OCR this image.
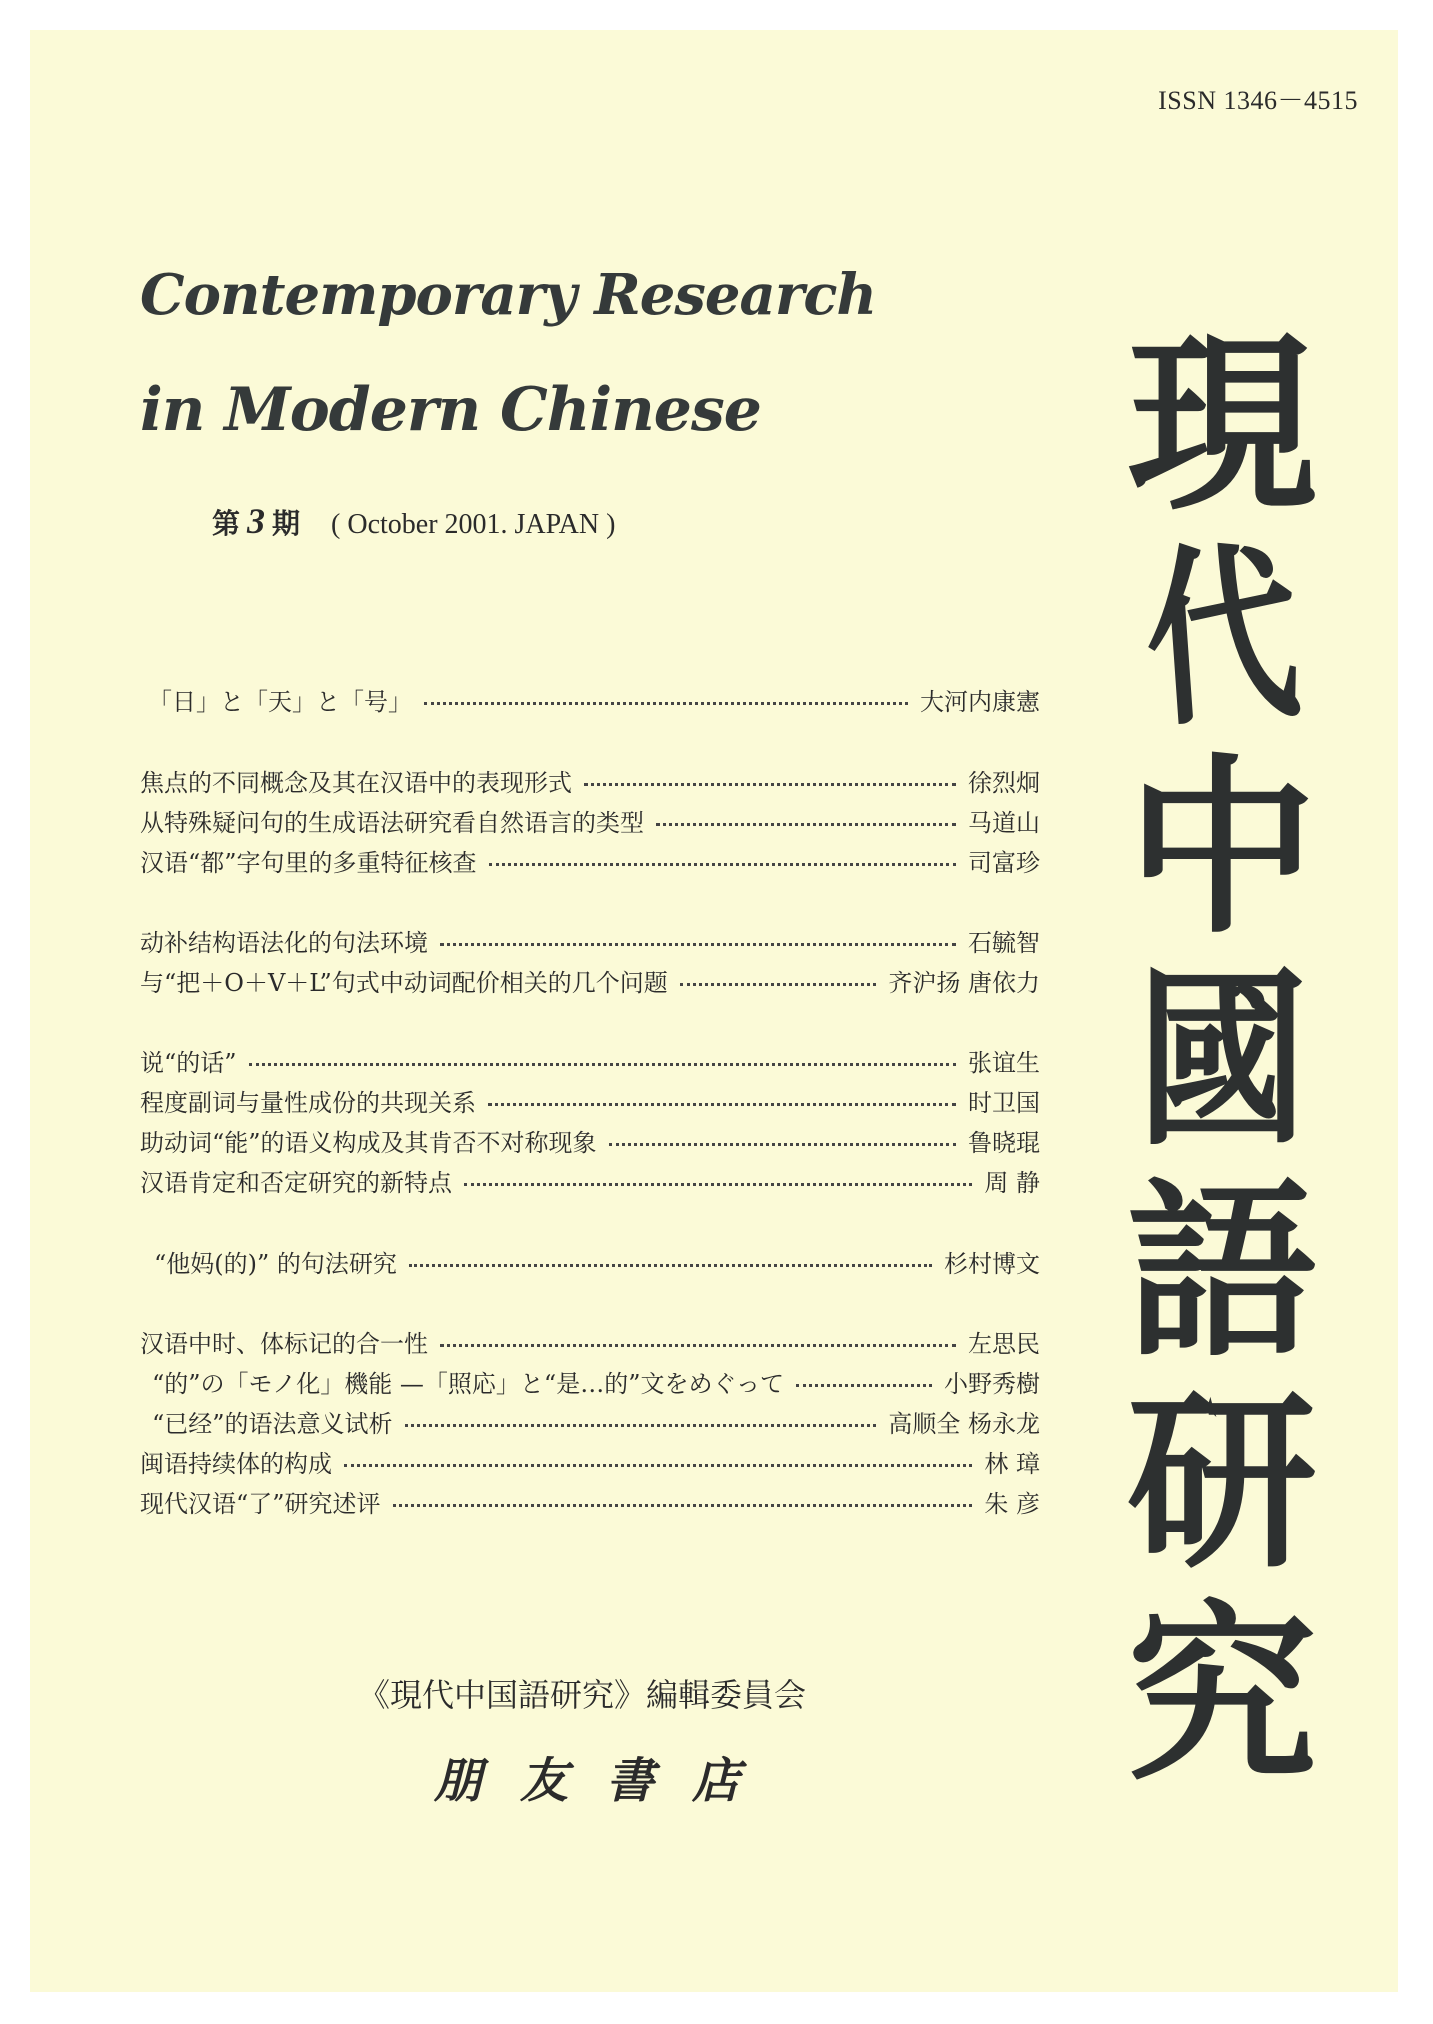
ISSN 1346－4515
Contemporary Research
in Modern Chinese
第 3 期 ( October 2001. JAPAN )
「日」と「天」と「号」	大河内康憲
焦点的不同概念及其在汉语中的表现形式	徐烈炯
从特殊疑问句的生成语法研究看自然语言的类型	马道山
汉语“都”字句里的多重特征核查	司富珍
动补结构语法化的句法环境	石毓智
与“把＋O＋V＋L”句式中动词配价相关的几个问题	齐沪扬 唐依力
说“的话”	张谊生
程度副词与量性成份的共现关系	时卫国
助动词“能”的语义构成及其肯否不对称现象	鲁晓琨
汉语肯定和否定研究的新特点	周 静
“他妈(的)” 的句法研究	杉村博文
汉语中时、体标记的合一性	左思民
“的”の「モノ化」機能 —「照応」と“是…的”文をめぐって	小野秀樹
“已经”的语法意义试析	高顺全 杨永龙
闽语持续体的构成	林 璋
现代汉语“了”研究述评	朱 彦
現
代
中
國
語
研
究
《現代中国語研究》編輯委員会
朋友書店
